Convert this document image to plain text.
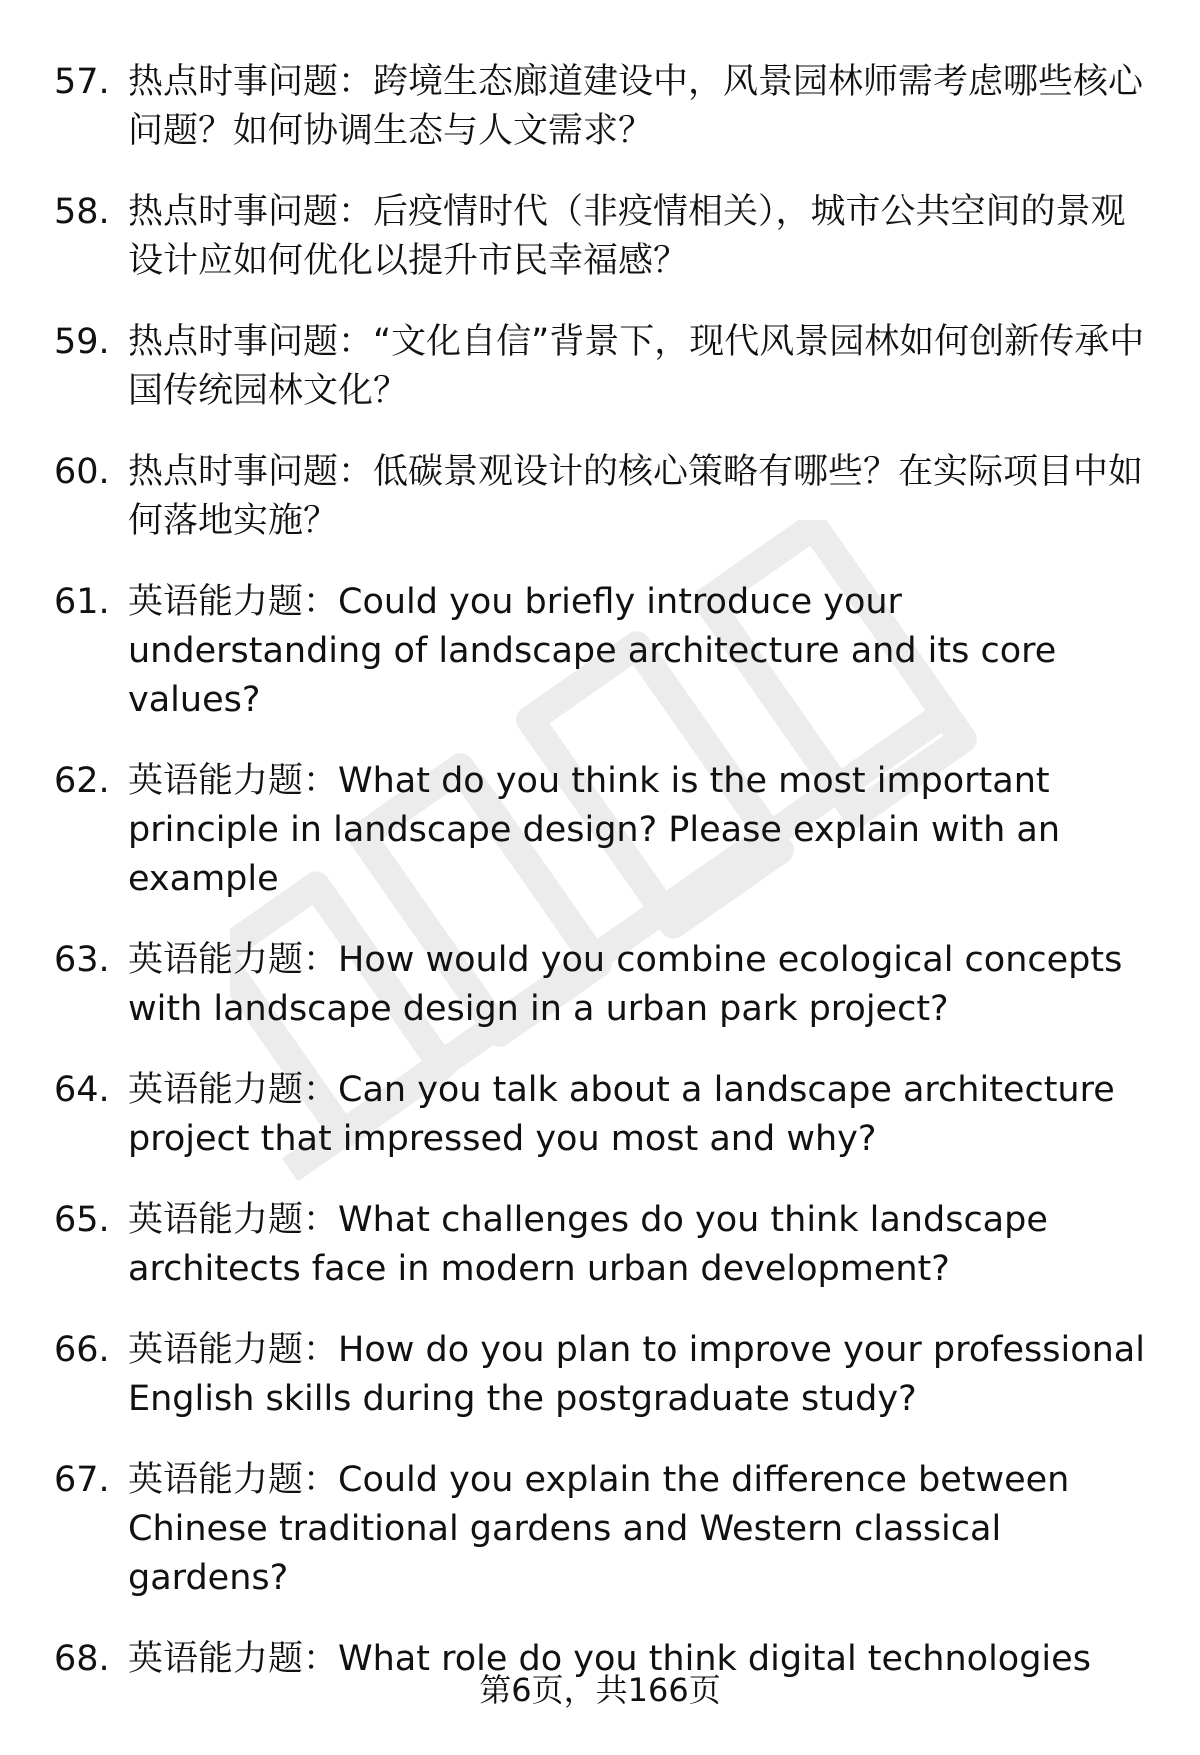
57. 热点时事问题：跨境生态廊道建设中，风景园林师需考虑哪些核心问题？如何协调生态与人文需求？
58. 热点时事问题：后疫情时代（非疫情相关），城市公共空间的景观设计应如何优化以提升市民幸福感？
59. 热点时事问题：“文化自信”背景下，现代风景园林如何创新传承中国传统园林文化？
60. 热点时事问题：低碳景观设计的核心策略有哪些？在实际项目中如何落地实施？
61. 英语能力题：Could you briefly introduce your understanding of landscape architecture and its core values?
62. 英语能力题：What do you think is the most important principle in landscape design? Please explain with an example
63. 英语能力题：How would you combine ecological concepts with landscape design in a urban park project?
64. 英语能力题：Can you talk about a landscape architecture project that impressed you most and why?
65. 英语能力题：What challenges do you think landscape architects face in modern urban development?
66. 英语能力题：How do you plan to improve your professional English skills during the postgraduate study?
67. 英语能力题：Could you explain the difference between Chinese traditional gardens and Western classical gardens?
68. 英语能力题：What role do you think digital technologies
第6页，共166页
